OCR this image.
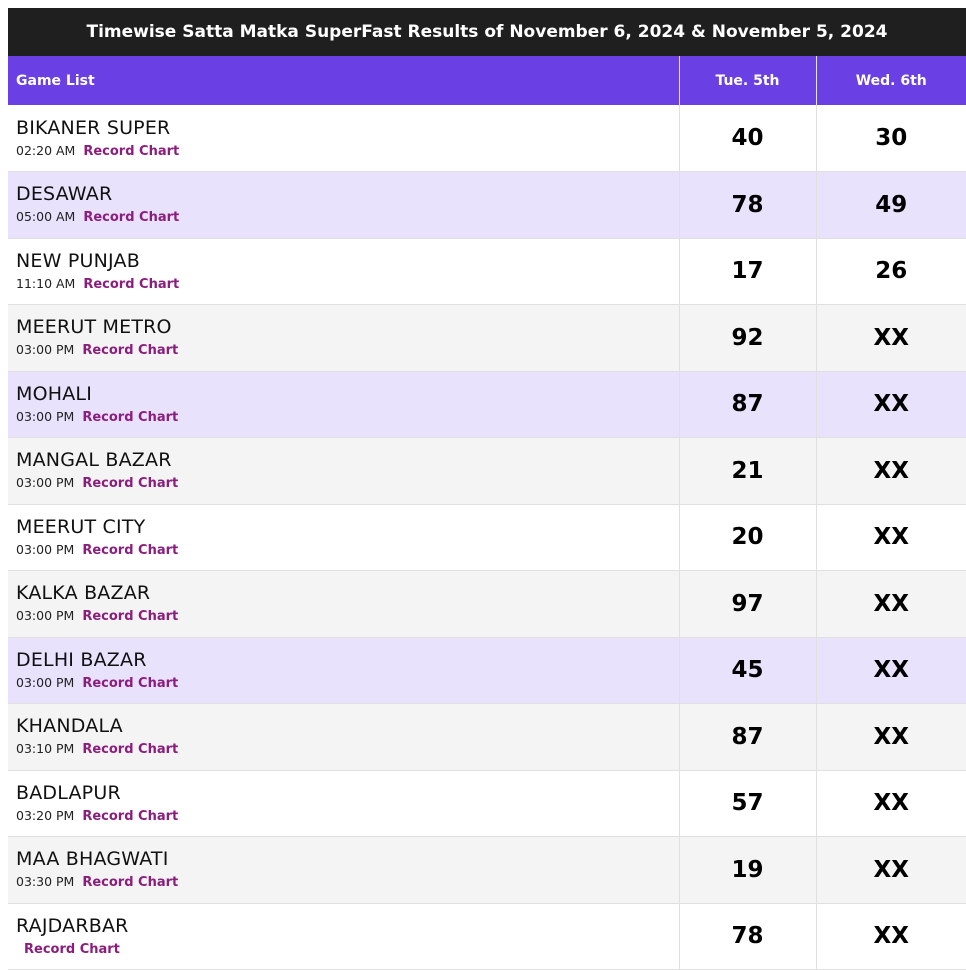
Timewise Satta Matka SuperFast Results of November 6, 2024 & November 5, 2024
Game List	Tue. 5th	Wed. 6th

BIKANER SUPER
02:20 AM Record Chart	40	30

DESAWAR
05:00 AM Record Chart	78	49

NEW PUNJAB
11:10 AM Record Chart	17	26

MEERUT METRO
03:00 PM Record Chart	92	XX

MOHALI
03:00 PM Record Chart	87	XX

MANGAL BAZAR
03:00 PM Record Chart	21	XX

MEERUT CITY
03:00 PM Record Chart	20	XX

KALKA BAZAR
03:00 PM Record Chart	97	XX

DELHI BAZAR
03:00 PM Record Chart	45	XX

KHANDALA
03:10 PM Record Chart	87	XX

BADLAPUR
03:20 PM Record Chart	57	XX

MAA BHAGWATI
03:30 PM Record Chart	19	XX

RAJDARBAR
Record Chart	78	XX
